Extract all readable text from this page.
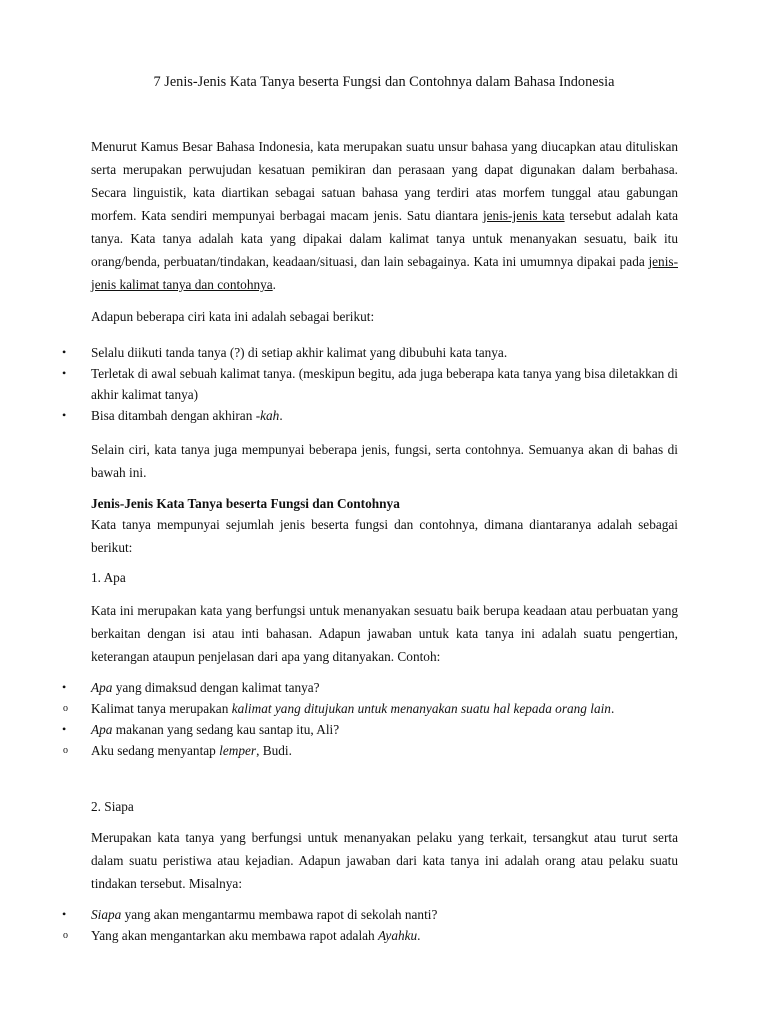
7 Jenis-Jenis Kata Tanya beserta Fungsi dan Contohnya dalam Bahasa Indonesia

Menurut Kamus Besar Bahasa Indonesia, kata merupakan suatu unsur bahasa yang diucapkan atau dituliskan serta merupakan perwujudan kesatuan pemikiran dan perasaan yang dapat digunakan dalam berbahasa. Secara linguistik, kata diartikan sebagai satuan bahasa yang terdiri atas morfem tunggal atau gabungan morfem. Kata sendiri mempunyai berbagai macam jenis. Satu diantara jenis-jenis kata tersebut adalah kata tanya. Kata tanya adalah kata yang dipakai dalam kalimat tanya untuk menanyakan sesuatu, baik itu orang/benda, perbuatan/tindakan, keadaan/situasi, dan lain sebagainya. Kata ini umumnya dipakai pada jenis-jenis kalimat tanya dan contohnya.

Adapun beberapa ciri kata ini adalah sebagai berikut:

• Selalu diikuti tanda tanya (?) di setiap akhir kalimat yang dibubuhi kata tanya.
• Terletak di awal sebuah kalimat tanya. (meskipun begitu, ada juga beberapa kata tanya yang bisa diletakkan di akhir kalimat tanya)
• Bisa ditambah dengan akhiran -kah.

Selain ciri, kata tanya juga mempunyai beberapa jenis, fungsi, serta contohnya. Semuanya akan di bahas di bawah ini.

Jenis-Jenis Kata Tanya beserta Fungsi dan Contohnya

Kata tanya mempunyai sejumlah jenis beserta fungsi dan contohnya, dimana diantaranya adalah sebagai berikut:

1. Apa

Kata ini merupakan kata yang berfungsi untuk menanyakan sesuatu baik berupa keadaan atau perbuatan yang berkaitan dengan isi atau inti bahasan. Adapun jawaban untuk kata tanya ini adalah suatu pengertian, keterangan ataupun penjelasan dari apa yang ditanyakan. Contoh:

• Apa yang dimaksud dengan kalimat tanya?
o Kalimat tanya merupakan kalimat yang ditujukan untuk menanyakan suatu hal kepada orang lain.
• Apa makanan yang sedang kau santap itu, Ali?
o Aku sedang menyantap lemper, Budi.

2. Siapa

Merupakan kata tanya yang berfungsi untuk menanyakan pelaku yang terkait, tersangkut atau turut serta dalam suatu peristiwa atau kejadian. Adapun jawaban dari kata tanya ini adalah orang atau pelaku suatu tindakan tersebut. Misalnya:

• Siapa yang akan mengantarmu membawa rapot di sekolah nanti?
o Yang akan mengantarkan aku membawa rapot adalah Ayahku.
